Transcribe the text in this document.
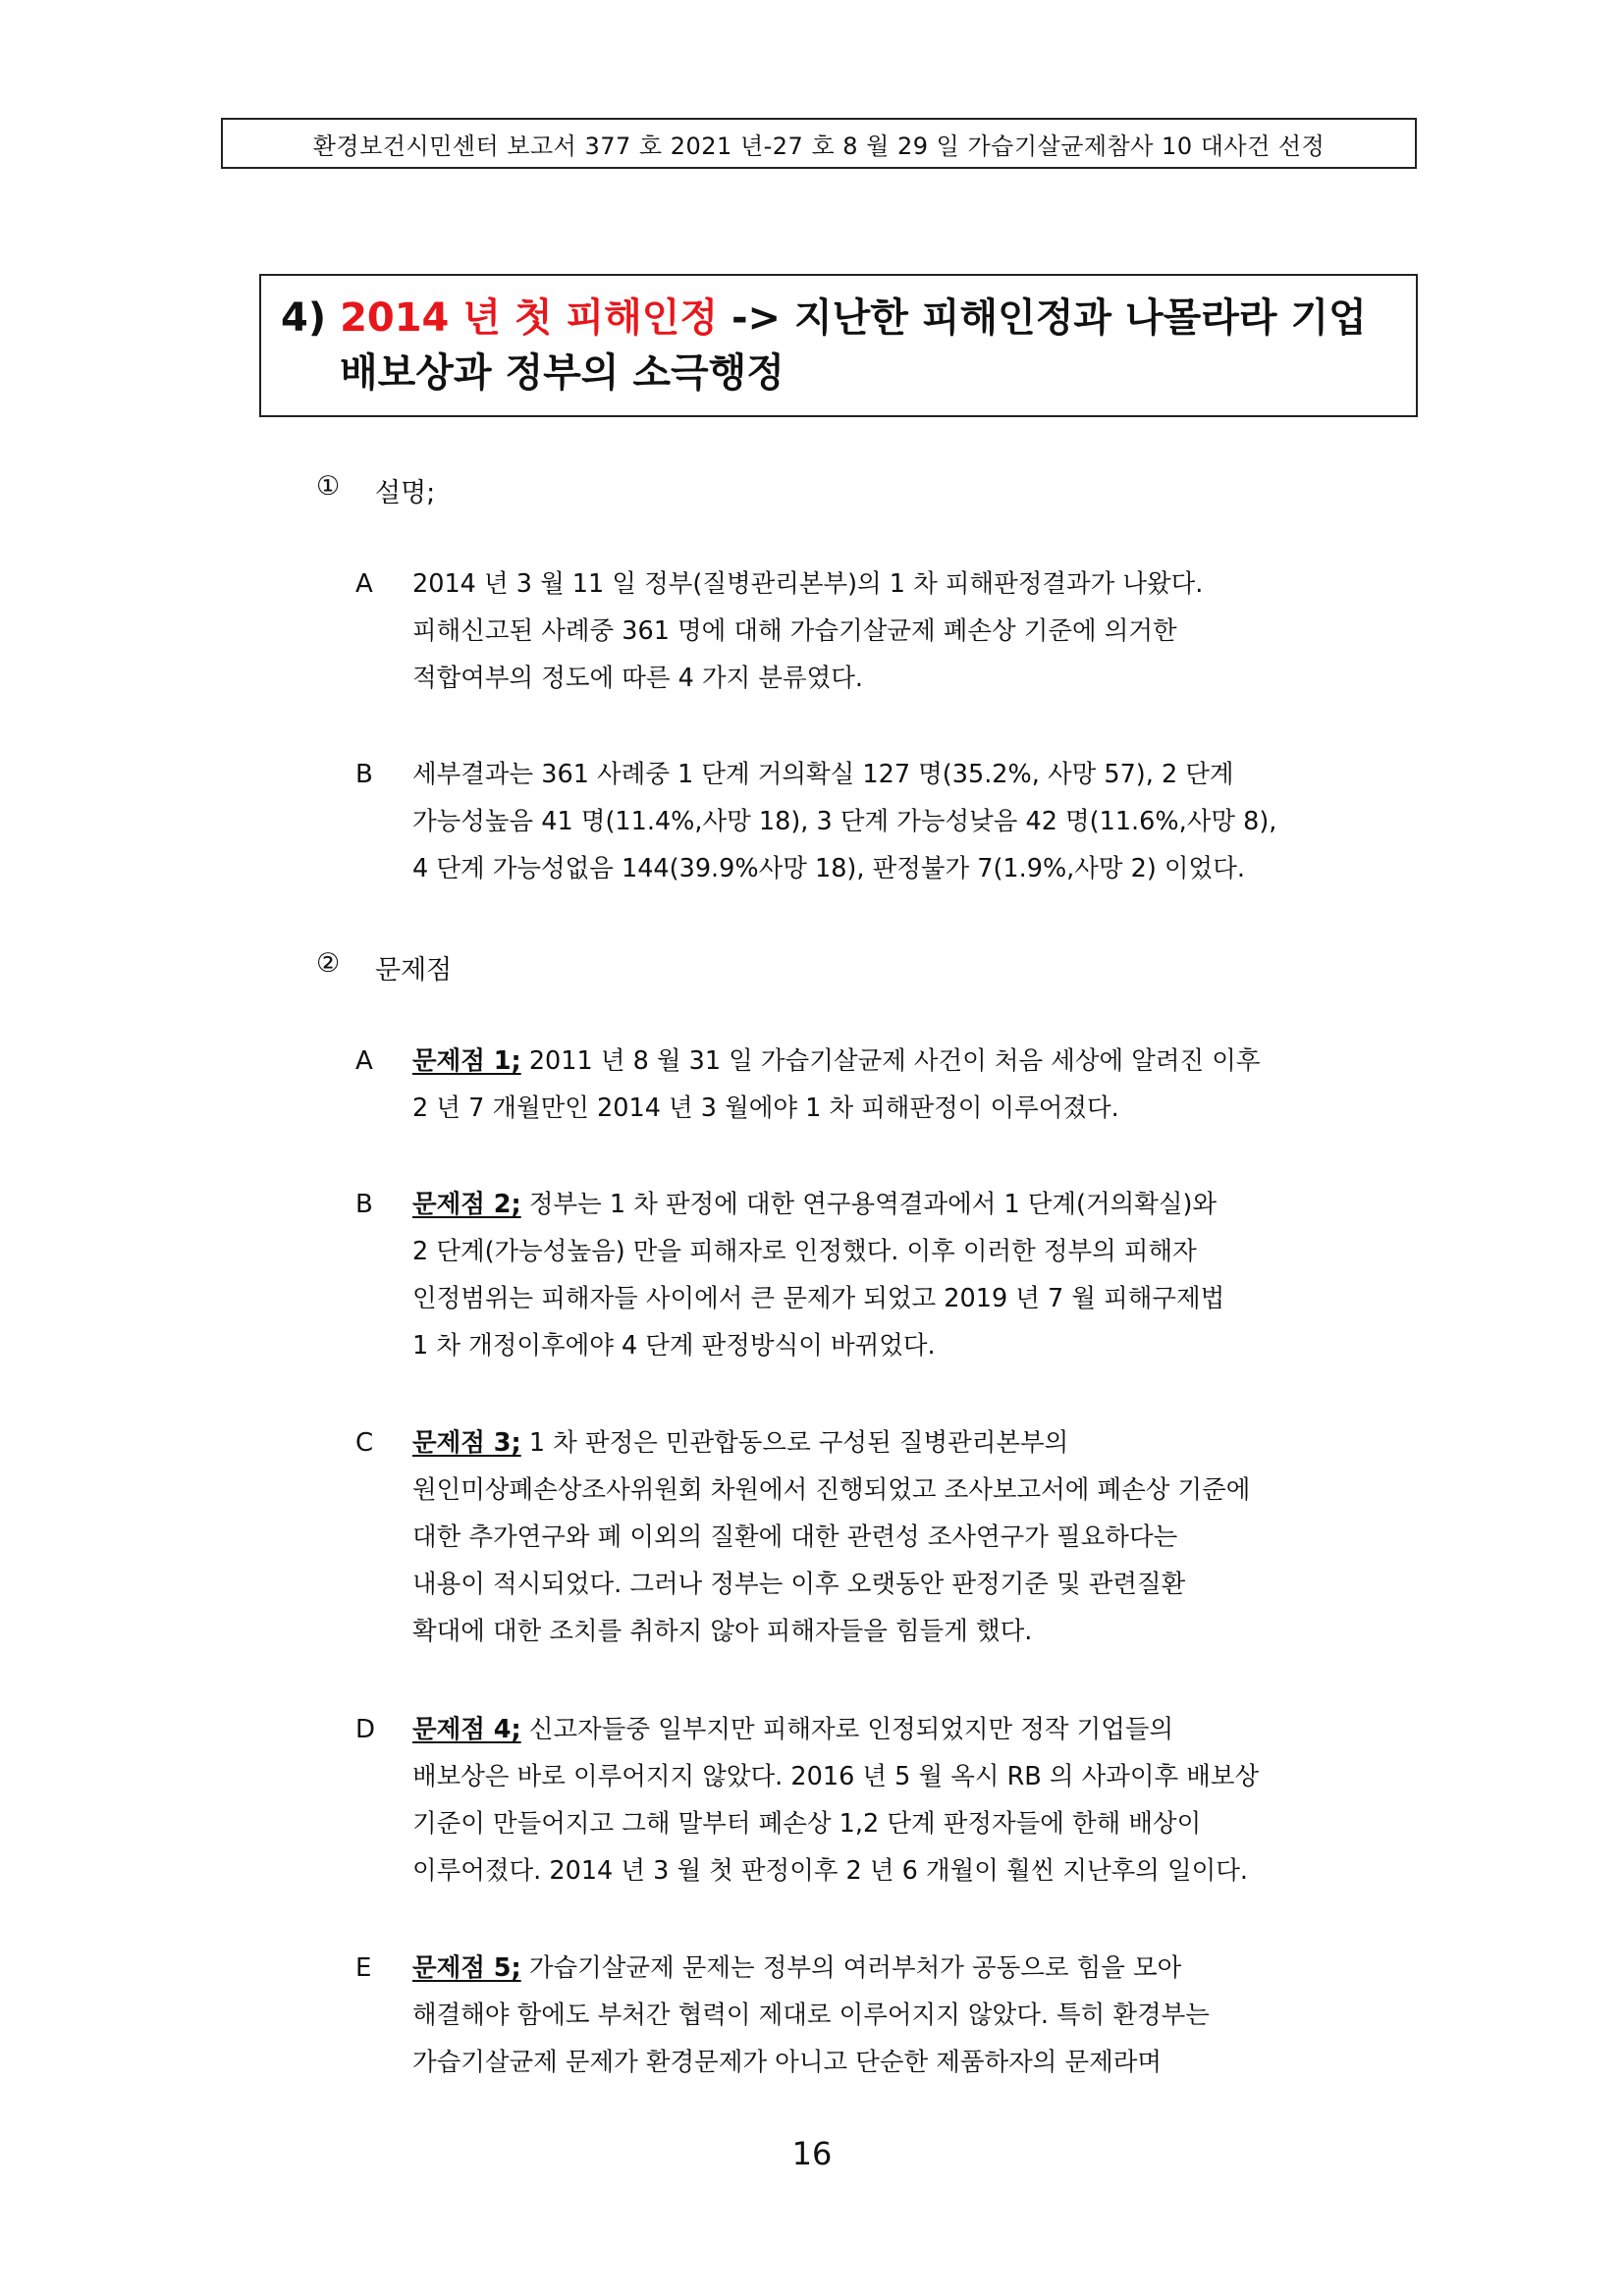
환경보건시민센터 보고서 377 호 2021 년-27 호 8 월 29 일 가습기살균제참사 10 대사건 선정
4) 2014 년 첫 피해인정 -> 지난한 피해인정과 나몰라라 기업
배보상과 정부의 소극행정
① 설명;
A 2014 년 3 월 11 일 정부(질병관리본부)의 1 차 피해판정결과가 나왔다.
피해신고된 사례중 361 명에 대해 가습기살균제 폐손상 기준에 의거한
적합여부의 정도에 따른 4 가지 분류였다.
B 세부결과는 361 사례중 1 단계 거의확실 127 명(35.2%, 사망 57), 2 단계
가능성높음 41 명(11.4%,사망 18), 3 단계 가능성낮음 42 명(11.6%,사망 8),
4 단계 가능성없음 144(39.9%사망 18), 판정불가 7(1.9%,사망 2) 이었다.
② 문제점
A 문제점 1; 2011 년 8 월 31 일 가습기살균제 사건이 처음 세상에 알려진 이후
2 년 7 개월만인 2014 년 3 월에야 1 차 피해판정이 이루어졌다.
B 문제점 2; 정부는 1 차 판정에 대한 연구용역결과에서 1 단계(거의확실)와
2 단계(가능성높음) 만을 피해자로 인정했다. 이후 이러한 정부의 피해자
인정범위는 피해자들 사이에서 큰 문제가 되었고 2019 년 7 월 피해구제법
1 차 개정이후에야 4 단계 판정방식이 바뀌었다.
C 문제점 3; 1 차 판정은 민관합동으로 구성된 질병관리본부의
원인미상폐손상조사위원회 차원에서 진행되었고 조사보고서에 폐손상 기준에
대한 추가연구와 폐 이외의 질환에 대한 관련성 조사연구가 필요하다는
내용이 적시되었다. 그러나 정부는 이후 오랫동안 판정기준 및 관련질환
확대에 대한 조치를 취하지 않아 피해자들을 힘들게 했다.
D 문제점 4; 신고자들중 일부지만 피해자로 인정되었지만 정작 기업들의
배보상은 바로 이루어지지 않았다. 2016 년 5 월 옥시 RB 의 사과이후 배보상
기준이 만들어지고 그해 말부터 폐손상 1,2 단계 판정자들에 한해 배상이
이루어졌다. 2014 년 3 월 첫 판정이후 2 년 6 개월이 훨씬 지난후의 일이다.
E 문제점 5; 가습기살균제 문제는 정부의 여러부처가 공동으로 힘을 모아
해결해야 함에도 부처간 협력이 제대로 이루어지지 않았다. 특히 환경부는
가습기살균제 문제가 환경문제가 아니고 단순한 제품하자의 문제라며
16
